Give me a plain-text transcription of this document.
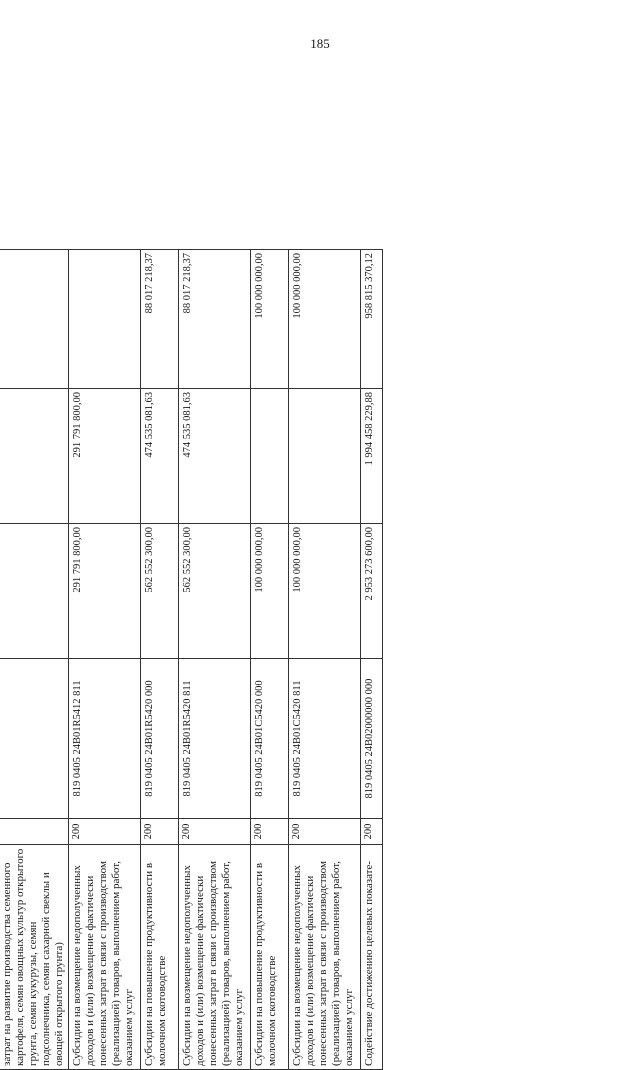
185

затрат на развитие производства семенного картофеля, семян овощных культур открытого грунта, семян кукурузы, семян подсолнечника, семян сахарной свеклы и овощей открытого грунта)					
Субсидии на возмещение недополученных доходов и (или) возмещение фактически понесенных затрат в связи с производством (реализацией) товаров, выполнением работ, оказанием услуг	200	819 0405 24В01R5412 811	291 791 800,00	291 791 800,00	
Субсидии на повышение продуктивности в молочном скотоводстве	200	819 0405 24В01R5420 000	562 552 300,00	474 535 081,63	88 017 218,37
Субсидии на возмещение недополученных доходов и (или) возмещение фактически понесенных затрат в связи с производством (реализацией) товаров, выполнением работ, оказанием услуг	200	819 0405 24В01R5420 811	562 552 300,00	474 535 081,63	88 017 218,37
Субсидии на повышение продуктивности в молочном скотоводстве	200	819 0405 24В01С5420 000	100 000 000,00		100 000 000,00
Субсидии на возмещение недополученных доходов и (или) возмещение фактически понесенных затрат в связи с производством (реализацией) товаров, выполнением работ, оказанием услуг	200	819 0405 24В01С5420 811	100 000 000,00		100 000 000,00
Содействие достижению целевых показате-	200	819 0405 24В02000000 000	2 953 273 600,00	1 994 458 229,88	958 815 370,12
